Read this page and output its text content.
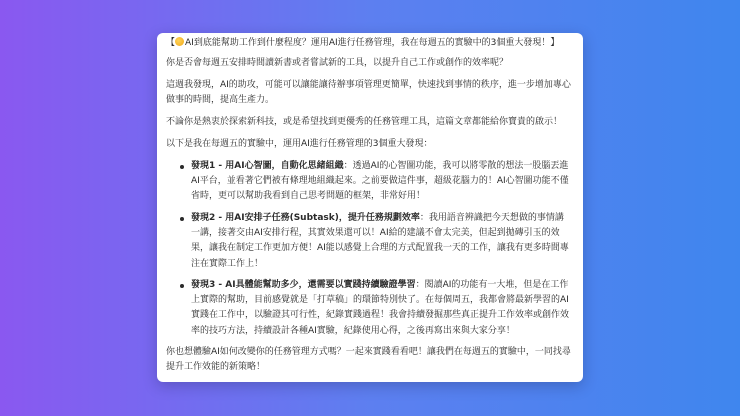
【 AI到底能幫助工作到什麼程度？運用AI進行任務管理，我在每週五的實驗中的3個重大發現！】

你是否會每週五安排時間讀新書或者嘗試新的工具，以提升自己工作或創作的效率呢？

這週我發現，AI的助攻，可能可以讓能讓待辦事項管理更簡單，快速找到事情的秩序，進一步增加專心做事的時間，提高生產力。

不論你是熱衷於探索新科技，或是希望找到更優秀的任務管理工具，這篇文章都能給你寶貴的啟示！

以下是我在每週五的實驗中，運用AI進行任務管理的3個重大發現：

發現1 - 用AI心智圖，自動化思緒組織：透過AI的心智圖功能，我可以將零散的想法一股腦丟進AI平台，並看著它們被有條理地組織起來。之前要做這件事，超級花腦力的！AI心智圖功能不僅省時，更可以幫助我看到自己思考問題的框架，非常好用！
發現2 - 用AI安排子任務(Subtask)，提升任務規劃效率：我用語音辨識把今天想做的事情講一講，接著交由AI安排行程，其實效果還可以！AI給的建議不會太完美，但起到拋磚引玉的效果，讓我在制定工作更加方便！AI能以感覺上合理的方式配置我一天的工作，讓我有更多時間專注在實際工作上！
發現3 - AI具體能幫助多少，還需要以實踐持續驗證學習：閱讀AI的功能有一大堆，但是在工作上實際的幫助，目前感覺就是「打草稿」的環節特別快了。在每個周五，我都會將最新學習的AI實踐在工作中，以驗證其可行性，紀錄實踐過程！我會持續發掘那些真正提升工作效率或創作效率的技巧方法，持續設計各種AI實驗，紀錄使用心得，之後再寫出來與大家分享！

你也想體驗AI如何改變你的任務管理方式嗎？一起來實踐看看吧！讓我們在每週五的實驗中，一同找尋提升工作效能的新策略！
